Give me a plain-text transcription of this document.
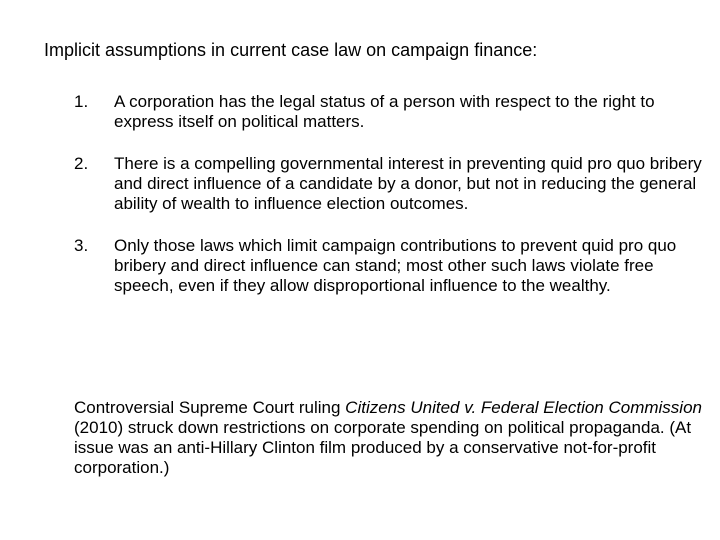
Implicit assumptions in current case law on campaign finance:
1.	A corporation has the legal status of a person with respect to the right to express itself on political matters.
2.	There is a compelling governmental interest in preventing quid pro quo bribery and direct influence of a candidate by a donor, but not in reducing the general ability of wealth to influence election outcomes.
3.	Only those laws which limit campaign contributions to prevent quid pro quo bribery and direct influence can stand; most other such laws violate free speech, even if they allow disproportional influence to the wealthy.
Controversial Supreme Court ruling Citizens United v. Federal Election Commission (2010) struck down restrictions on corporate spending on political propaganda. (At issue was an anti-Hillary Clinton film produced by a conservative not-for-profit corporation.)
